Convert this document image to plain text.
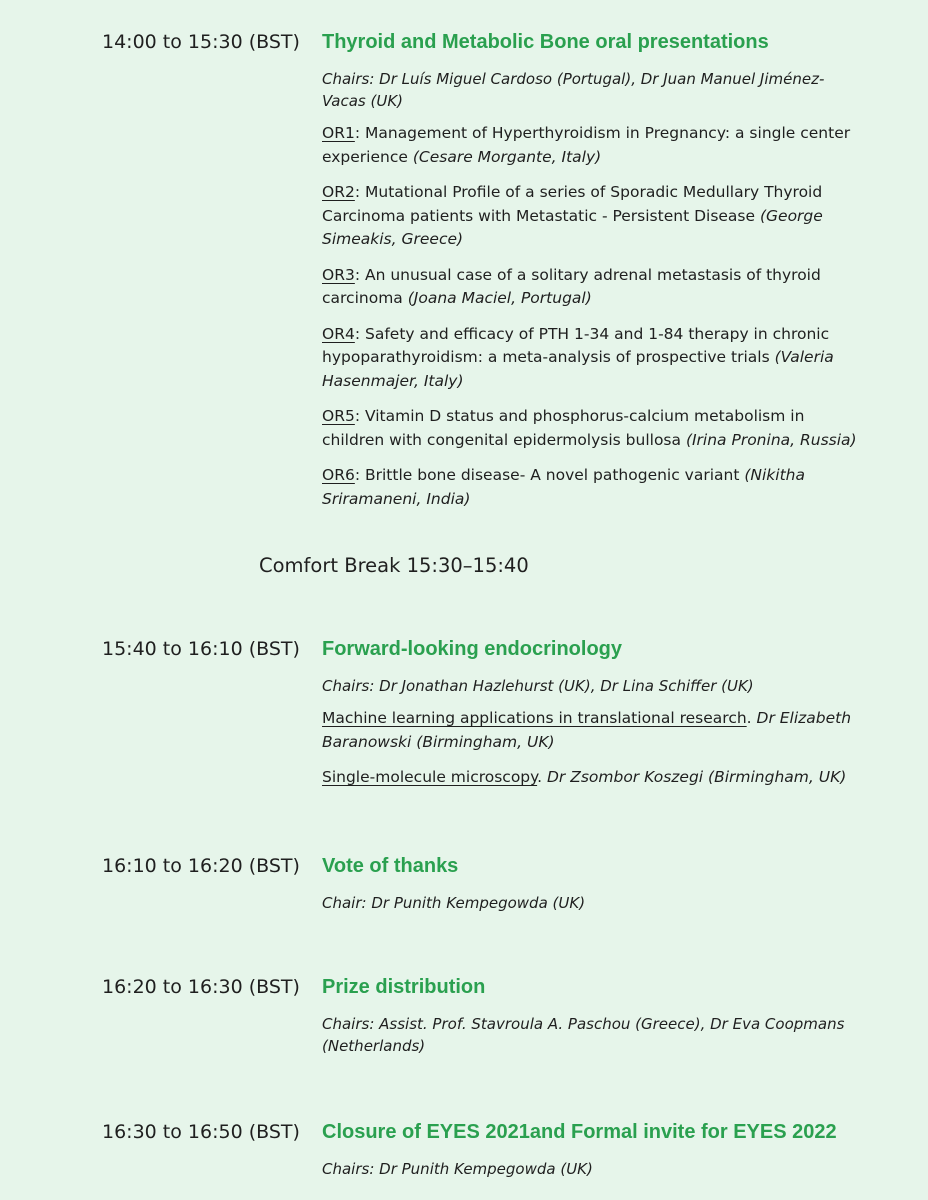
14:00 to 15:30 (BST) Thyroid and Metabolic Bone oral presentations
Chairs: Dr Luís Miguel Cardoso (Portugal), Dr Juan Manuel Jiménez-Vacas (UK)
OR1: Management of Hyperthyroidism in Pregnancy: a single center experience (Cesare Morgante, Italy)
OR2: Mutational Profile of a series of Sporadic Medullary Thyroid Carcinoma patients with Metastatic - Persistent Disease (George Simeakis, Greece)
OR3: An unusual case of a solitary adrenal metastasis of thyroid carcinoma (Joana Maciel, Portugal)
OR4: Safety and efficacy of PTH 1-34 and 1-84 therapy in chronic hypoparathyroidism: a meta-analysis of prospective trials (Valeria Hasenmajer, Italy)
OR5: Vitamin D status and phosphorus-calcium metabolism in children with congenital epidermolysis bullosa (Irina Pronina, Russia)
OR6: Brittle bone disease- A novel pathogenic variant (Nikitha Sriramaneni, India)
Comfort Break 15:30–15:40
15:40 to 16:10 (BST) Forward-looking endocrinology
Chairs: Dr Jonathan Hazlehurst (UK), Dr Lina Schiffer (UK)
Machine learning applications in translational research. Dr Elizabeth Baranowski (Birmingham, UK)
Single-molecule microscopy. Dr Zsombor Koszegi (Birmingham, UK)
16:10 to 16:20 (BST) Vote of thanks
Chair: Dr Punith Kempegowda (UK)
16:20 to 16:30 (BST) Prize distribution
Chairs: Assist. Prof. Stavroula A. Paschou (Greece), Dr Eva Coopmans (Netherlands)
16:30 to 16:50 (BST) Closure of EYES 2021and Formal invite for EYES 2022
Chairs: Dr Punith Kempegowda (UK)
